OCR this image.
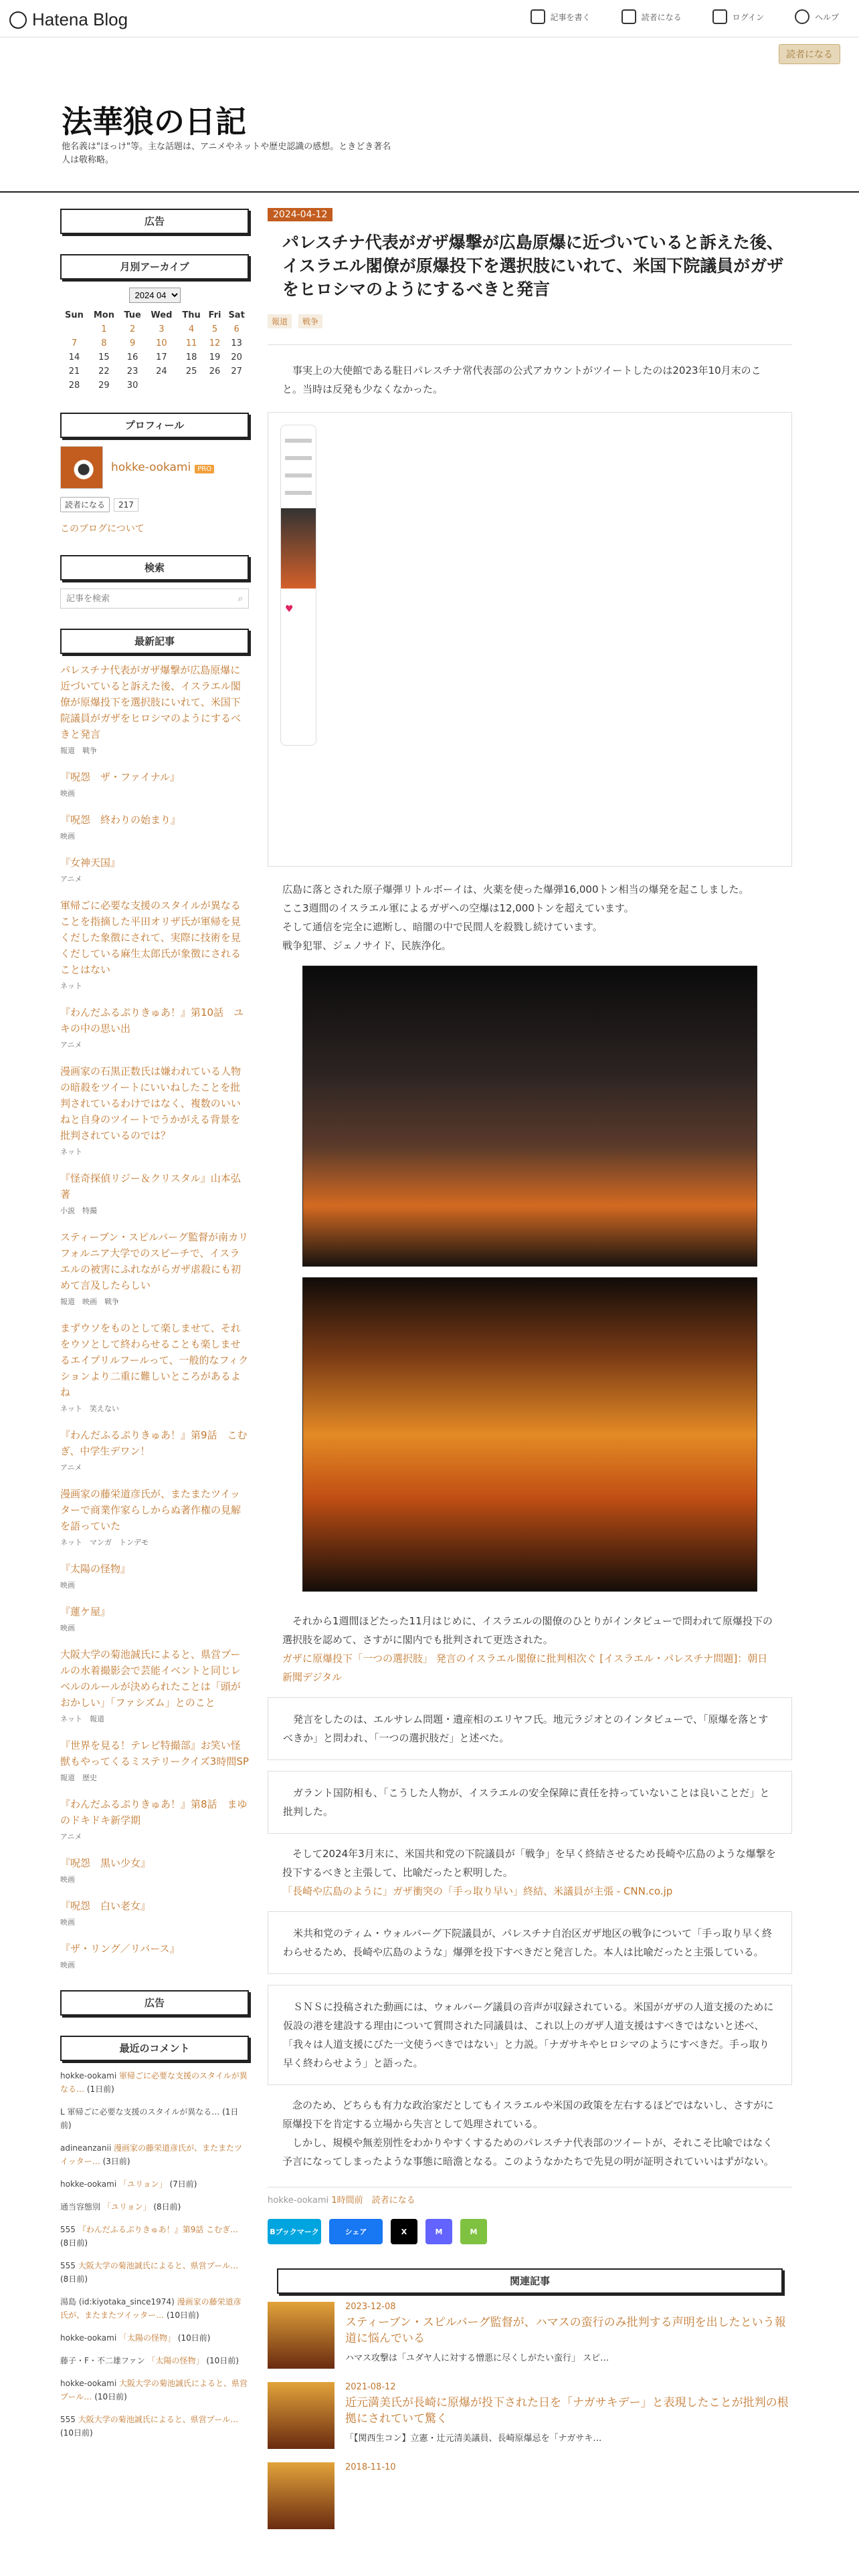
Hatena Blog	記事を書く	読者になる	ログイン	ヘルプ
読者になる
法華狼の日記
他名義は"ほっけ"等。主な話題は、アニメやネットや歴史認識の感想。ときどき著名人は敬称略。
広告
月別アーカイブ
2024 04
Sun	Mon	Tue	Wed	Thu	Fri	Sat
	1	2	3	4	5	6
7	8	9	10	11	12	13
14	15	16	17	18	19	20
21	22	23	24	25	26	27
28	29	30				
プロフィール
hokke-ookami PRO
読者になる	217
このブログについて
検索
記事を検索
⌕
最新記事
パレスチナ代表がガザ爆撃が広島原爆に近づいていると訴えた後、イスラエル閣僚が原爆投下を選択肢にいれて、米国下院議員がガザをヒロシマのようにするべきと発言
報道　戦争
『呪怨　ザ・ファイナル』
映画
『呪怨　終わりの始まり』
映画
『女神天国』
アニメ
軍帰ごに必要な支援のスタイルが異なることを指摘した平田オリザ氏が軍帰を見くだした象徴にされて、実際に技術を見くだしている麻生太郎氏が象徴にされることはない
ネット
『わんだふるぷりきゅあ！』第10話　ユキの中の思い出
アニメ
漫画家の石黒正数氏は嫌われている人物の暗殺をツイートにいいねしたことを批判されているわけではなく、複数のいいねと自身のツイートでうかがえる背景を批判されているのでは？
ネット
『怪奇探偵リジー＆クリスタル』山本弘著
小説　特撮
スティーブン・スピルバーグ監督が南カリフォルニア大学でのスピーチで、イスラエルの被害にふれながらガザ虐殺にも初めて言及したらしい
報道　映画　戦争
まずウソをものとして楽しませて、それをウソとして終わらせることも楽しませるエイプリルフールって、一般的なフィクションより二重に難しいところがあるよね
ネット　笑えない
『わんだふるぷりきゅあ！』第9話　こむぎ、中学生デワン！
アニメ
漫画家の藤栄道彦氏が、またまたツイッターで商業作家らしからぬ著作権の見解を語っていた
ネット　マンガ　トンデモ
『太陽の怪物』
映画
『蓮ケ屋』
映画
大阪大学の菊池誠氏によると、県営プールの水着撮影会で芸能イベントと同じレベルのルールが決められたことは「頭がおかしい」「ファシズム」とのこと
ネット　報道
『世界を見る！テレビ特撮部』お笑い怪獣もやってくるミステリークイズ3時間SP
報道　歴史
『わんだふるぷりきゅあ！』第8話　まゆのドキドキ新学期
アニメ
『呪怨　黒い少女』
映画
『呪怨　白い老女』
映画
『ザ・リング／リバース』
映画
広告
最近のコメント
hokke-ookami 軍帰ごに必要な支援のスタイルが異なる… (1日前)
L 軍帰ごに必要な支援のスタイルが異なる… (1日前)
adineanzanii 漫画家の藤栄道彦氏が、またまたツイッター… (3日前)
hokke-ookami 「ユリョン」 (7日前)
通当容態別 「ユリョン」 (8日前)
555 『わんだふるぷりきゅあ！』第9話 こむぎ… (8日前)
555 大阪大学の菊池誠氏によると、県営プール… (8日前)
湯島 (id:kiyotaka_since1974) 漫画家の藤栄道彦氏が、またまたツイッター… (10日前)
hokke-ookami 「太陽の怪物」 (10日前)
藤子・F・不二雄ファン 「太陽の怪物」 (10日前)
hokke-ookami 大阪大学の菊池誠氏によると、県営プール… (10日前)
555 大阪大学の菊池誠氏によると、県営プール… (10日前)
2024-04-12
パレスチナ代表がガザ爆撃が広島原爆に近づいていると訴えた後、イスラエル閣僚が原爆投下を選択肢にいれて、米国下院議員がガザをヒロシマのようにするべきと発言
報道	戦争
事実上の大使館である駐日パレスチナ常代表部の公式アカウントがツイートしたのは2023年10月末のこと。当時は反発も少なくなかった。
♥
広島に落とされた原子爆弾リトルボーイは、火薬を使った爆弾16,000トン相当の爆発を起こしました。
ここ3週間のイスラエル軍によるガザへの空爆は12,000トンを超えています。
そして通信を完全に遮断し、暗闇の中で民間人を殺戮し続けています。
戦争犯罪、ジェノサイド、民族浄化。
それから1週間ほどたった11月はじめに、イスラエルの閣僚のひとりがインタビューで問われて原爆投下の選択肢を認めて、さすがに閣内でも批判されて更迭された。
ガザに原爆投下「一つの選択肢」 発言のイスラエル閣僚に批判相次ぐ [イスラエル・パレスチナ問題]：朝日新聞デジタル
発言をしたのは、エルサレム問題・遺産相のエリヤフ氏。地元ラジオとのインタビューで、「原爆を落とすべきか」と問われ、「一つの選択肢だ」と述べた。
ガラント国防相も、「こうした人物が、イスラエルの安全保障に責任を持っていないことは良いことだ」と批判した。
そして2024年3月末に、米国共和党の下院議員が「戦争」を早く終結させるため長崎や広島のような爆撃を投下するべきと主張して、比喩だったと釈明した。
「長崎や広島のように」ガザ衝突の「手っ取り早い」終結、米議員が主張 - CNN.co.jp
米共和党のティム・ウォルバーグ下院議員が、パレスチナ自治区ガザ地区の戦争について「手っ取り早く終わらせるため、長崎や広島のような」爆弾を投下すべきだと発言した。本人は比喩だったと主張している。
ＳＮＳに投稿された動画には、ウォルバーグ議員の音声が収録されている。米国がガザの人道支援のために仮設の港を建設する理由について質問された同議員は、これ以上のガザ人道支援はすべきではないと述べ、「我々は人道支援にびた一文使うべきではない」と力説。「ナガサキやヒロシマのようにすべきだ。手っ取り早く終わらせよう」と語った。
念のため、どちらも有力な政治家だとしてもイスラエルや米国の政策を左右するほどではないし、さすがに原爆投下を肯定する立場から失言として処理されている。
しかし、規模や無差別性をわかりやすくするためのパレスチナ代表部のツイートが、それこそ比喩ではなく予言になってしまったような事態に暗澹となる。このようなかたちで先見の明が証明されていいはずがない。
hokke-ookami 1時間前　 読者になる
Bブックマーク	シェア	X	M	M
関連記事
2023-12-08
スティーブン・スピルバーグ監督が、ハマスの蛮行のみ批判する声明を出したという報道に悩んでいる
ハマス攻撃は「ユダヤ人に対する憎悪に尽くしがたい蛮行」 スピ…
2021-08-12
近元満美氏が長崎に原爆が投下された日を「ナガサキデー」と表現したことが批判の根拠にされていて驚く
「【関西生コン】立憲・辻元清美議員、長崎原爆忌を「ナガサキ…
2018-11-10
